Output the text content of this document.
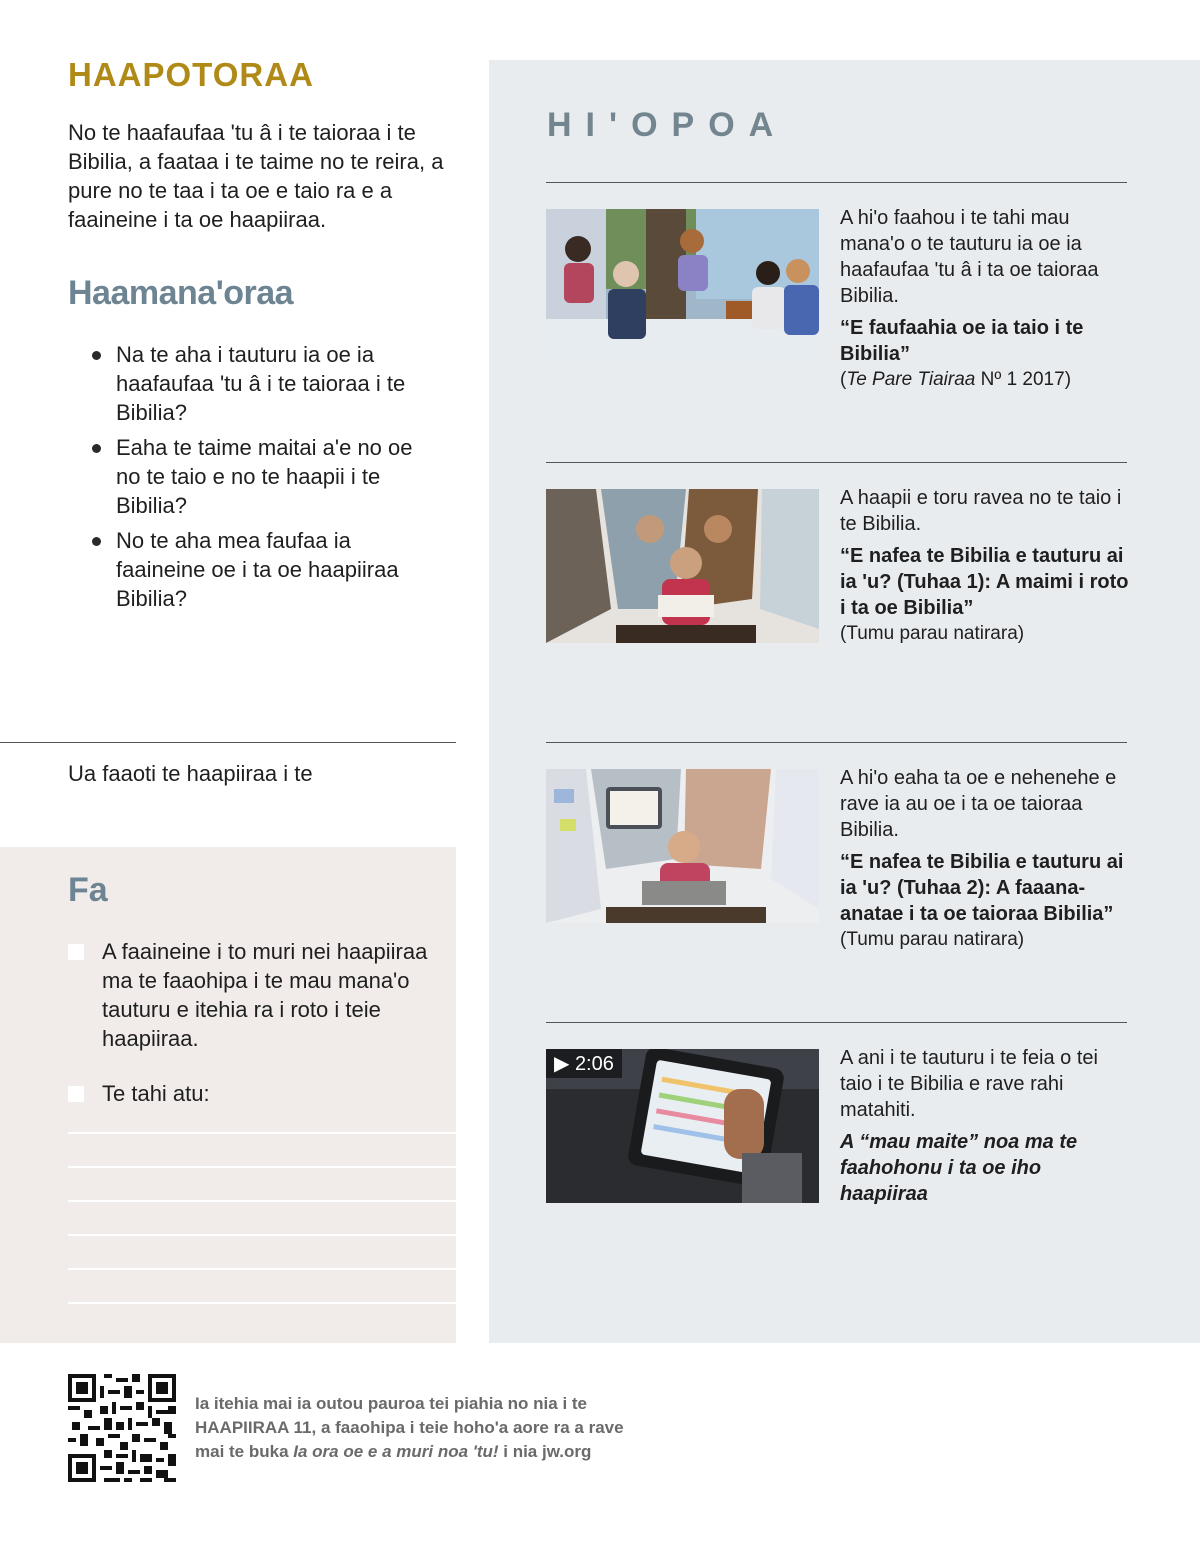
HAAPOTORAA
No te haafaufaa 'tu â i te taioraa i te Bibilia, a faataa i te taime no te reira, a pure no te taa i ta oe e taio ra e a faaineine i ta oe haapiiraa.
Haamana'oraa
Na te aha i tauturu ia oe ia haafaufaa 'tu â i te taioraa i te Bibilia?
Eaha te taime maitai a'e no oe no te taio e no te haapii i te Bibilia?
No te aha mea faufaa ia faaineine oe i ta oe haapiiraa Bibilia?
Ua faaoti te haapiiraa i te
Fa
A faaineine i to muri nei haapiiraa ma te faaohipa i te mau mana'o tauturu e itehia ra i roto i teie haapiiraa.
Te tahi atu:
HI'OPOA
A hi'o faahou i te tahi mau mana'o o te tauturu ia oe ia haafaufaa 'tu â i ta oe taioraa Bibilia.
“E faufaahia oe ia taio i te Bibilia”
(Te Pare Tiairaa Nº 1 2017)
A haapii e toru ravea no te taio i te Bibilia.
“E nafea te Bibilia e tauturu ai ia 'u? (Tuhaa 1): A maimi i roto i ta oe Bibilia”
(Tumu parau natirara)
A hi'o eaha ta oe e nehenehe e rave ia au oe i ta oe taioraa Bibilia.
“E nafea te Bibilia e tauturu ai ia 'u? (Tuhaa 2): A faaana-anatae i ta oe taioraa Bibilia”
(Tumu parau natirara)
▶ 2:06	A ani i te tauturu i te feia o tei taio i te Bibilia e rave rahi matahiti.
A “mau maite” noa ma te faahohonu i ta oe iho haapiiraa
Ia itehia mai ia outou pauroa tei piahia no nia i te HAAPIIRAA 11, a faaohipa i teie hoho'a aore ra a rave mai te buka Ia ora oe e a muri noa 'tu! i nia jw.org
